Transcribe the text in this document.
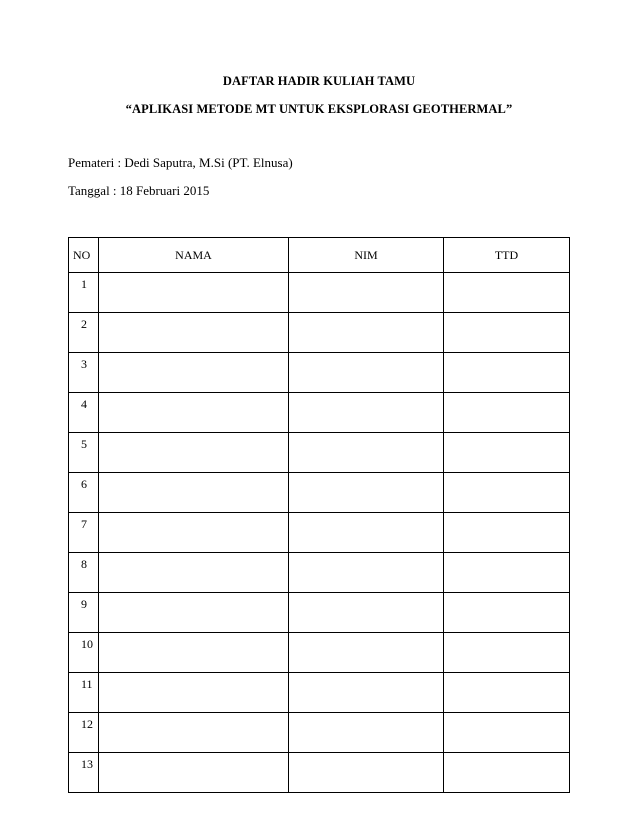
DAFTAR HADIR KULIAH TAMU
“APLIKASI METODE MT UNTUK EKSPLORASI GEOTHERMAL”
Pemateri : Dedi Saputra, M.Si (PT. Elnusa)
Tanggal : 18 Februari 2015
NO	NAMA	NIM	TTD
1			
2			
3			
4			
5			
6			
7			
8			
9			
10			
11			
12			
13			
